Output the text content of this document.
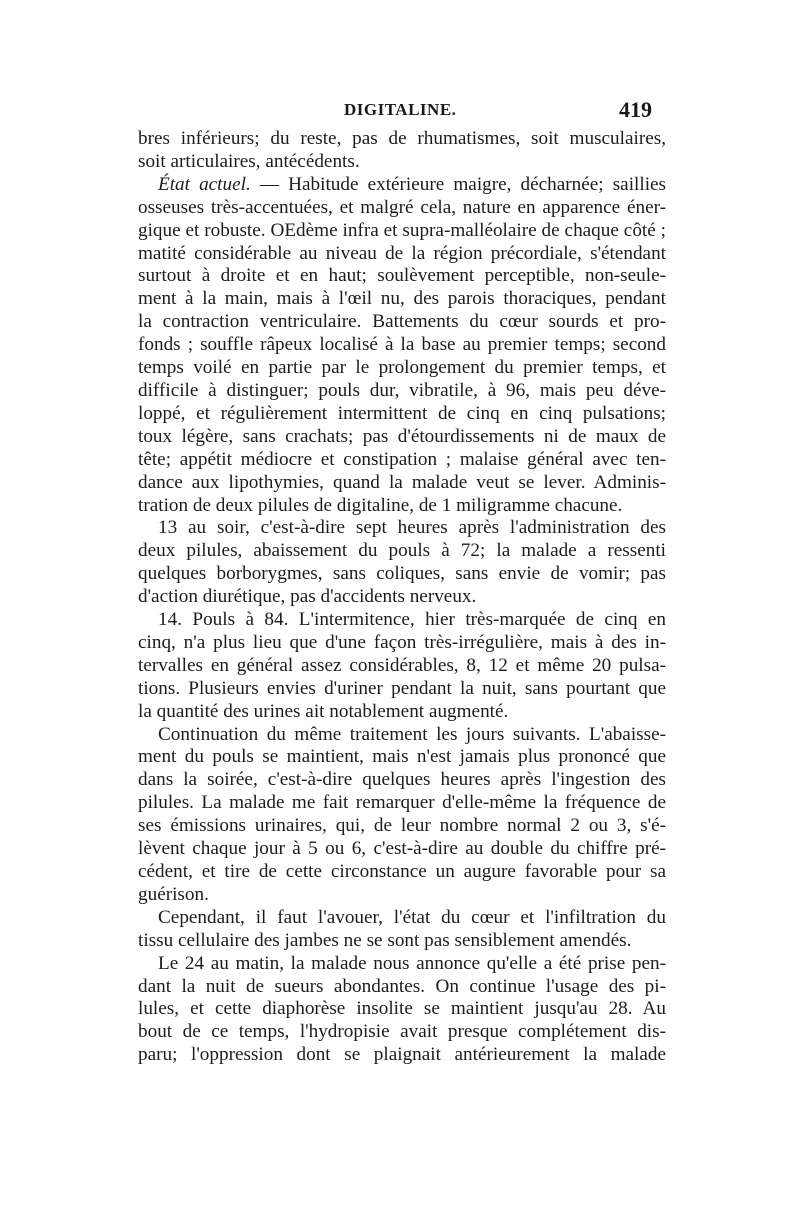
DIGITALINE.	419
bres inférieurs; du reste, pas de rhumatismes, soit musculaires,
soit articulaires, antécédents.
État actuel. — Habitude extérieure maigre, décharnée; saillies
osseuses très-accentuées, et malgré cela, nature en apparence éner-
gique et robuste. OEdème infra et supra-malléolaire de chaque côté ;
matité considérable au niveau de la région précordiale, s'étendant
surtout à droite et en haut; soulèvement perceptible, non-seule-
ment à la main, mais à l'œil nu, des parois thoraciques, pendant
la contraction ventriculaire. Battements du cœur sourds et pro-
fonds ; souffle râpeux localisé à la base au premier temps; second
temps voilé en partie par le prolongement du premier temps, et
difficile à distinguer; pouls dur, vibratile, à 96, mais peu déve-
loppé, et régulièrement intermittent de cinq en cinq pulsations;
toux légère, sans crachats; pas d'étourdissements ni de maux de
tête; appétit médiocre et constipation ; malaise général avec ten-
dance aux lipothymies, quand la malade veut se lever. Adminis-
tration de deux pilules de digitaline, de 1 miligramme chacune.
13 au soir, c'est-à-dire sept heures après l'administration des
deux pilules, abaissement du pouls à 72; la malade a ressenti
quelques borborygmes, sans coliques, sans envie de vomir; pas
d'action diurétique, pas d'accidents nerveux.
14. Pouls à 84. L'intermitence, hier très-marquée de cinq en
cinq, n'a plus lieu que d'une façon très-irrégulière, mais à des in-
tervalles en général assez considérables, 8, 12 et même 20 pulsa-
tions. Plusieurs envies d'uriner pendant la nuit, sans pourtant que
la quantité des urines ait notablement augmenté.
Continuation du même traitement les jours suivants. L'abaisse-
ment du pouls se maintient, mais n'est jamais plus prononcé que
dans la soirée, c'est-à-dire quelques heures après l'ingestion des
pilules. La malade me fait remarquer d'elle-même la fréquence de
ses émissions urinaires, qui, de leur nombre normal 2 ou 3, s'é-
lèvent chaque jour à 5 ou 6, c'est-à-dire au double du chiffre pré-
cédent, et tire de cette circonstance un augure favorable pour sa
guérison.
Cependant, il faut l'avouer, l'état du cœur et l'infiltration du
tissu cellulaire des jambes ne se sont pas sensiblement amendés.
Le 24 au matin, la malade nous annonce qu'elle a été prise pen-
dant la nuit de sueurs abondantes. On continue l'usage des pi-
lules, et cette diaphorèse insolite se maintient jusqu'au 28. Au
bout de ce temps, l'hydropisie avait presque complétement dis-
paru; l'oppression dont se plaignait antérieurement la malade
